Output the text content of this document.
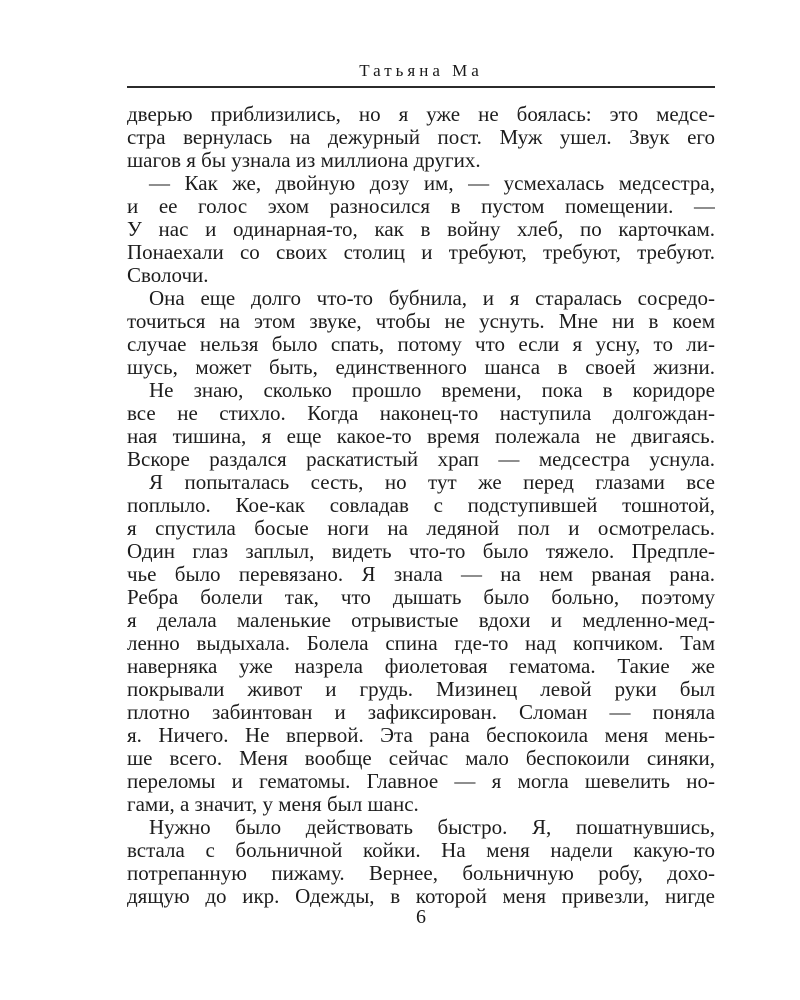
Татьяна Ма
дверью приблизились, но я уже не боялась: это медсе-
стра вернулась на дежурный пост. Муж ушел. Звук его
шагов я бы узнала из миллиона других.
— Как же, двойную дозу им, — усмехалась медсестра,
и ее голос эхом разносился в пустом помещении. —
У нас и одинарная-то, как в войну хлеб, по карточкам.
Понаехали со своих столиц и требуют, требуют, требуют.
Сволочи.
Она еще долго что-то бубнила, и я старалась сосредо-
точиться на этом звуке, чтобы не уснуть. Мне ни в коем
случае нельзя было спать, потому что если я усну, то ли-
шусь, может быть, единственного шанса в своей жизни.
Не знаю, сколько прошло времени, пока в коридоре
все не стихло. Когда наконец-то наступила долгождан-
ная тишина, я еще какое-то время полежала не двигаясь.
Вскоре раздался раскатистый храп — медсестра уснула.
Я попыталась сесть, но тут же перед глазами все
поплыло. Кое-как совладав с подступившей тошнотой,
я спустила босые ноги на ледяной пол и осмотрелась.
Один глаз заплыл, видеть что-то было тяжело. Предпле-
чье было перевязано. Я знала — на нем рваная рана.
Ребра болели так, что дышать было больно, поэтому
я делала маленькие отрывистые вдохи и медленно-мед-
ленно выдыхала. Болела спина где-то над копчиком. Там
наверняка уже назрела фиолетовая гематома. Такие же
покрывали живот и грудь. Мизинец левой руки был
плотно забинтован и зафиксирован. Сломан — поняла
я. Ничего. Не впервой. Эта рана беспокоила меня мень-
ше всего. Меня вообще сейчас мало беспокоили синяки,
переломы и гематомы. Главное — я могла шевелить но-
гами, а значит, у меня был шанс.
Нужно было действовать быстро. Я, пошатнувшись,
встала с больничной койки. На меня надели какую-то
потрепанную пижаму. Вернее, больничную робу, дохо-
дящую до икр. Одежды, в которой меня привезли, нигде
6
